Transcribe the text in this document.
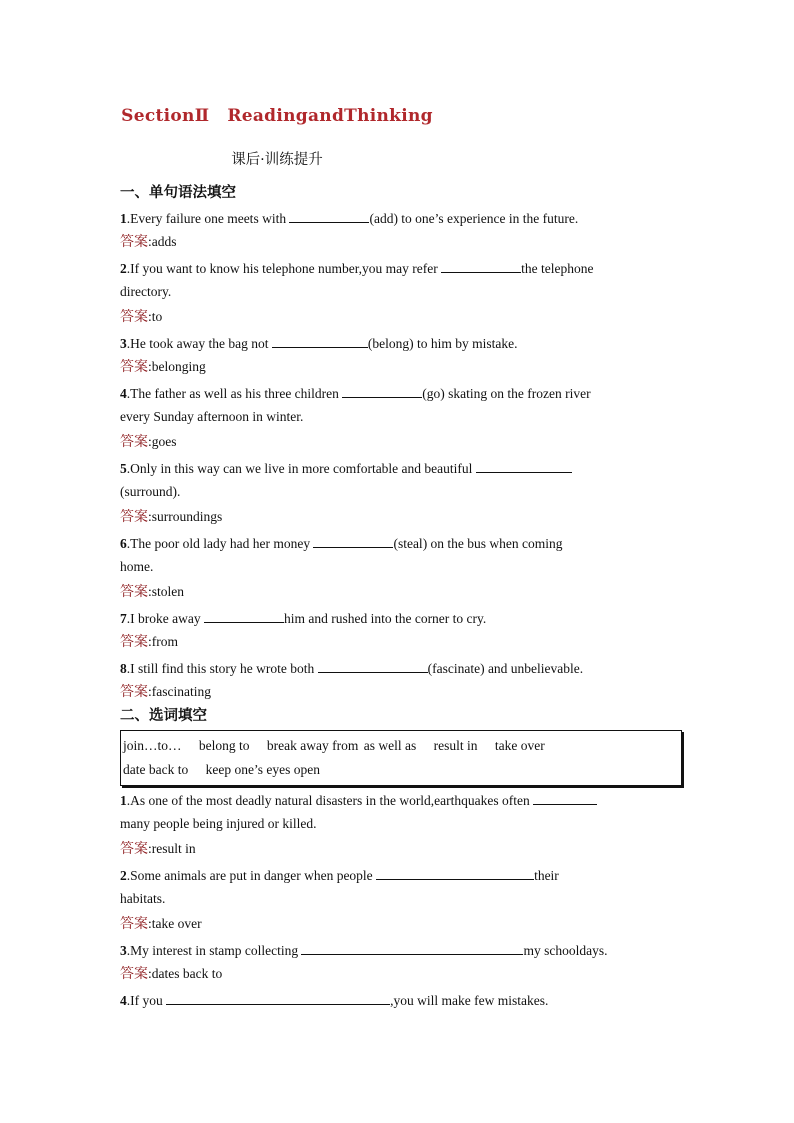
SectionⅡ ReadingandThinking
课后·训练提升
一、单句语法填空
1.Every failure one meets with	(add) to one’s experience in the future.
答案:adds
2.If you want to know his telephone number,you may refer	the telephone
directory.
答案:to
3.He took away the bag not	(belong) to him by mistake.
答案:belonging
4.The father as well as his three children	(go) skating on the frozen river
every Sunday afternoon in winter.
答案:goes
5.Only in this way can we live in more comfortable and beautiful
(surround).
答案:surroundings
6.The poor old lady had her money	(steal) on the bus when coming
home.
答案:stolen
7.I broke away	him and rushed into the corner to cry.
答案:from
8.I still find this story he wrote both	(fascinate) and unbelievable.
答案:fascinating
二、选词填空
join…to… belong to break away from as well as result in take over
date back to keep one’s eyes open
1.As one of the most deadly natural disasters in the world,earthquakes often
many people being injured or killed.
答案:result in
2.Some animals are put in danger when people	their
habitats.
答案:take over
3.My interest in stamp collecting	my schooldays.
答案:dates back to
4.If you	,you will make few mistakes.
